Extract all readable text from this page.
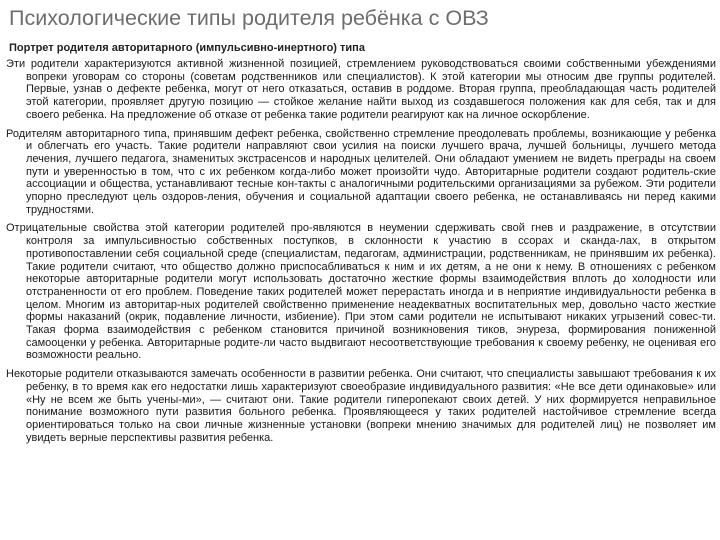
Психологические типы родителя ребёнка с ОВЗ
Портрет родителя авторитарного (импульсивно-инертного) типа

Эти родители характеризуются активной жизненной позицией, стремлением руководствоваться своими собственными убеждениями вопреки уговорам со стороны (советам родственников или специалистов). К этой категории мы относим две группы родителей. Первые, узнав о дефекте ребенка, могут от него отказаться, оставив в роддоме. Вторая группа, преобладающая часть родителей этой категории, проявляет другую позицию — стойкое желание найти выход из создавшегося положения как для себя, так и для своего ребенка. На предложение об отказе от ребенка такие родители реагируют как на личное оскорбление.

Родителям авторитарного типа, принявшим дефект ребенка, свойственно стремление преодолевать проблемы, возникающие у ребенка и облегчать его участь. Такие родители направляют свои усилия на поиски лучшего врача, лучшей больницы, лучшего метода лечения, лучшего педагога, знаменитых экстрасенсов и народных целителей. Они обладают умением не видеть преграды на своем пути и уверенностью в том, что с их ребенком когда-либо может произойти чудо. Авторитарные родители создают родитель-ские ассоциации и общества, устанавливают тесные кон-такты с аналогичными родительскими организациями за рубежом. Эти родители упорно преследуют цель оздоров-ления, обучения и социальной адаптации своего ребенка, не останавливаясь ни перед какими трудностями.

Отрицательные свойства этой категории родителей про-являются в неумении сдерживать свой гнев и раздражение, в отсутствии контроля за импульсивностью собственных поступков, в склонности к участию в ссорах и сканда-лах, в открытом противопоставлении себя социальной среде (специалистам, педагогам, администрации, родственникам, не принявшим их ребенка). Такие родители считают, что общество должно приспосабливаться к ним и их детям, а не они к нему. В отношениях с ребенком некоторые авторитарные родители могут использовать достаточно жесткие формы взаимодействия вплоть до холодности или отстраненности от его проблем. Поведение таких родителей может перерастать иногда и в неприятие индивидуальности ребенка в целом. Многим из авторитар-ных родителей свойственно применение неадекватных воспитательных мер, довольно часто жесткие формы наказаний (окрик, подавление личности, избиение). При этом сами родители не испытывают никаких угрызений совес-ти. Такая форма взаимодействия с ребенком становится причиной возникновения тиков, энуреза, формирования пониженной самооценки у ребенка. Авторитарные родите-ли часто выдвигают несоответствующие требования к своему ребенку, не оценивая его возможности реально.

Некоторые родители отказываются замечать особенности в развитии ребенка. Они считают, что специалисты завышают требования к их ребенку, в то время как его недостатки лишь характеризуют своеобразие индивидуального развития: «Не все дети одинаковые» или «Ну не всем же быть учены-ми», — считают они. Такие родители гиперопекают своих детей. У них формируется неправильное понимание возможного пути развития больного ребенка. Проявляющееся у таких родителей настойчивое стремление всегда ориентироваться только на свои личные жизненные установки (вопреки мнению значимых для родителей лиц) не позволяет им увидеть верные перспективы развития ребенка.
